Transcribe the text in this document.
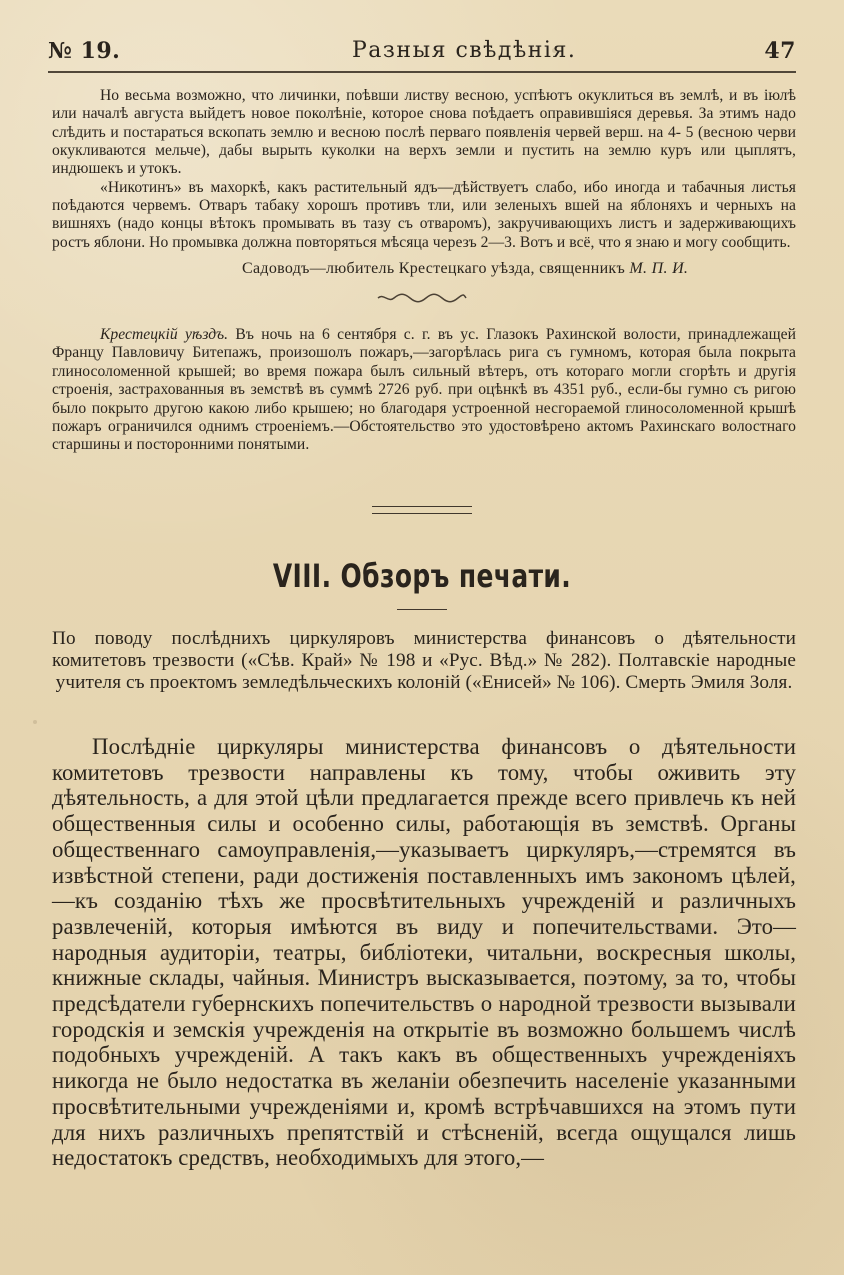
№ 19.	Разныя свѣдѣнія.	47

Но весьма возможно, что личинки, поѣвши листву весною, успѣютъ окуклиться въ землѣ, и въ іюлѣ или началѣ августа выйдетъ новое поколѣніе, которое снова поѣдаетъ оправившіяся деревья. За этимъ надо слѣдить и постараться вскопать землю и весною послѣ перваго появленія червей верш. на 4- 5 (весною черви окукливаются мельче), дабы вырыть куколки на верхъ земли и пустить на землю куръ или цыплятъ, индюшекъ и утокъ.

«Никотинъ» въ махоркѣ, какъ растительный ядъ—дѣйствуетъ слабо, ибо иногда и табачныя листья поѣдаются червемъ. Отваръ табаку хорошъ противъ тли, или зеленыхъ вшей на яблоняхъ и черныхъ на вишняхъ (надо концы вѣтокъ промывать въ тазу съ отваромъ), закручивающихъ листъ и задерживающихъ ростъ яблони. Но промывка должна повторяться мѣсяца черезъ 2—3. Вотъ и всё, что я знаю и могу сообщить.

Садоводъ—любитель Крестецкаго уѣзда, священникъ М. П. И.

Крестецкій уѣздъ. Въ ночь на 6 сентября с. г. въ ус. Глазокъ Рахинской волости, принадлежащей Францу Павловичу Битепажъ, произошолъ пожаръ,—загорѣлась рига съ гумномъ, которая была покрыта глиносоломенной крышей; во время пожара былъ сильный вѣтеръ, отъ котораго могли сгорѣть и другія строенія, застрахованныя въ земствѣ въ суммѣ 2726 руб. при оцѣнкѣ въ 4351 руб., если-бы гумно съ ригою было покрыто другою какою либо крышею; но благодаря устроенной несгораемой глиносоломенной крышѣ пожаръ ограничился однимъ строеніемъ.—Обстоятельство это удостовѣрено актомъ Рахинскаго волостнаго старшины и посторонними понятыми.

VIII. Обзоръ печати.
По поводу послѣднихъ циркуляровъ министерства финансовъ о дѣятельности комитетовъ трезвости («Сѣв. Край» № 198 и «Рус. Вѣд.» № 282). Полтавскіе народные учителя съ проектомъ земледѣльческихъ колоній («Енисей» № 106). Смерть Эмиля Золя.

Послѣдніе циркуляры министерства финансовъ о дѣятельности комитетовъ трезвости направлены къ тому, чтобы оживить эту дѣятельность, а для этой цѣли предлагается прежде всего привлечь къ ней общественныя силы и особенно силы, работающія въ земствѣ. Органы общественнаго самоуправленія,—указываетъ циркуляръ,—стремятся въ извѣстной степени, ради достиженія поставленныхъ имъ закономъ цѣлей,—къ созданію тѣхъ же просвѣтительныхъ учрежденій и различныхъ развлеченій, которыя имѣются въ виду и попечительствами. Это—народныя аудиторіи, театры, библіотеки, читальни, воскресныя школы, книжные склады, чайныя. Министръ высказывается, поэтому, за то, чтобы предсѣдатели губернскихъ попечительствъ о народной трезвости вызывали городскія и земскія учрежденія на открытіе въ возможно большемъ числѣ подобныхъ учрежденій. А такъ какъ въ общественныхъ учрежденіяхъ никогда не было недостатка въ желаніи обезпечить населеніе указанными просвѣтительными учрежденіями и, кромѣ встрѣчавшихся на этомъ пути для нихъ различныхъ препятствій и стѣсненій, всегда ощущался лишь недостатокъ средствъ, необходимыхъ для этого,—
